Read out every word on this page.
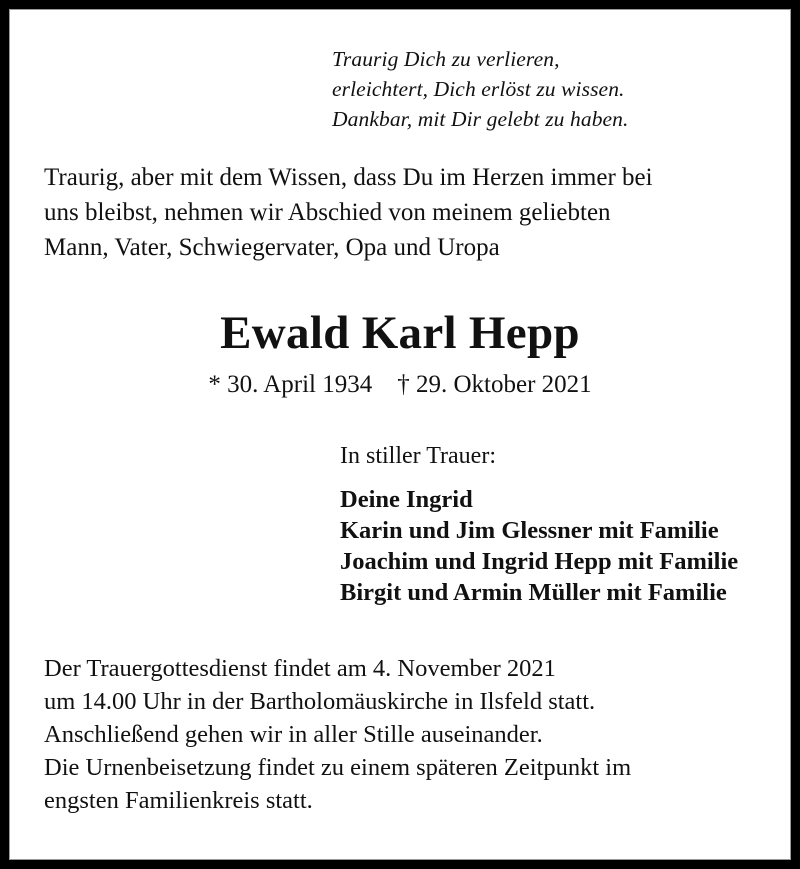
Traurig Dich zu verlieren,
erleichtert, Dich erlöst zu wissen.
Dankbar, mit Dir gelebt zu haben.
Traurig, aber mit dem Wissen, dass Du im Herzen immer bei
uns bleibst, nehmen wir Abschied von meinem geliebten
Mann, Vater, Schwiegervater, Opa und Uropa
Ewald Karl Hepp
* 30. April 1934    † 29. Oktober 2021
In stiller Trauer:
Deine Ingrid
Karin und Jim Glessner mit Familie
Joachim und Ingrid Hepp mit Familie
Birgit und Armin Müller mit Familie
Der Trauergottesdienst findet am 4. November 2021
um 14.00 Uhr in der Bartholomäuskirche in Ilsfeld statt.
Anschließend gehen wir in aller Stille auseinander.
Die Urnenbeisetzung findet zu einem späteren Zeitpunkt im
engsten Familienkreis statt.
